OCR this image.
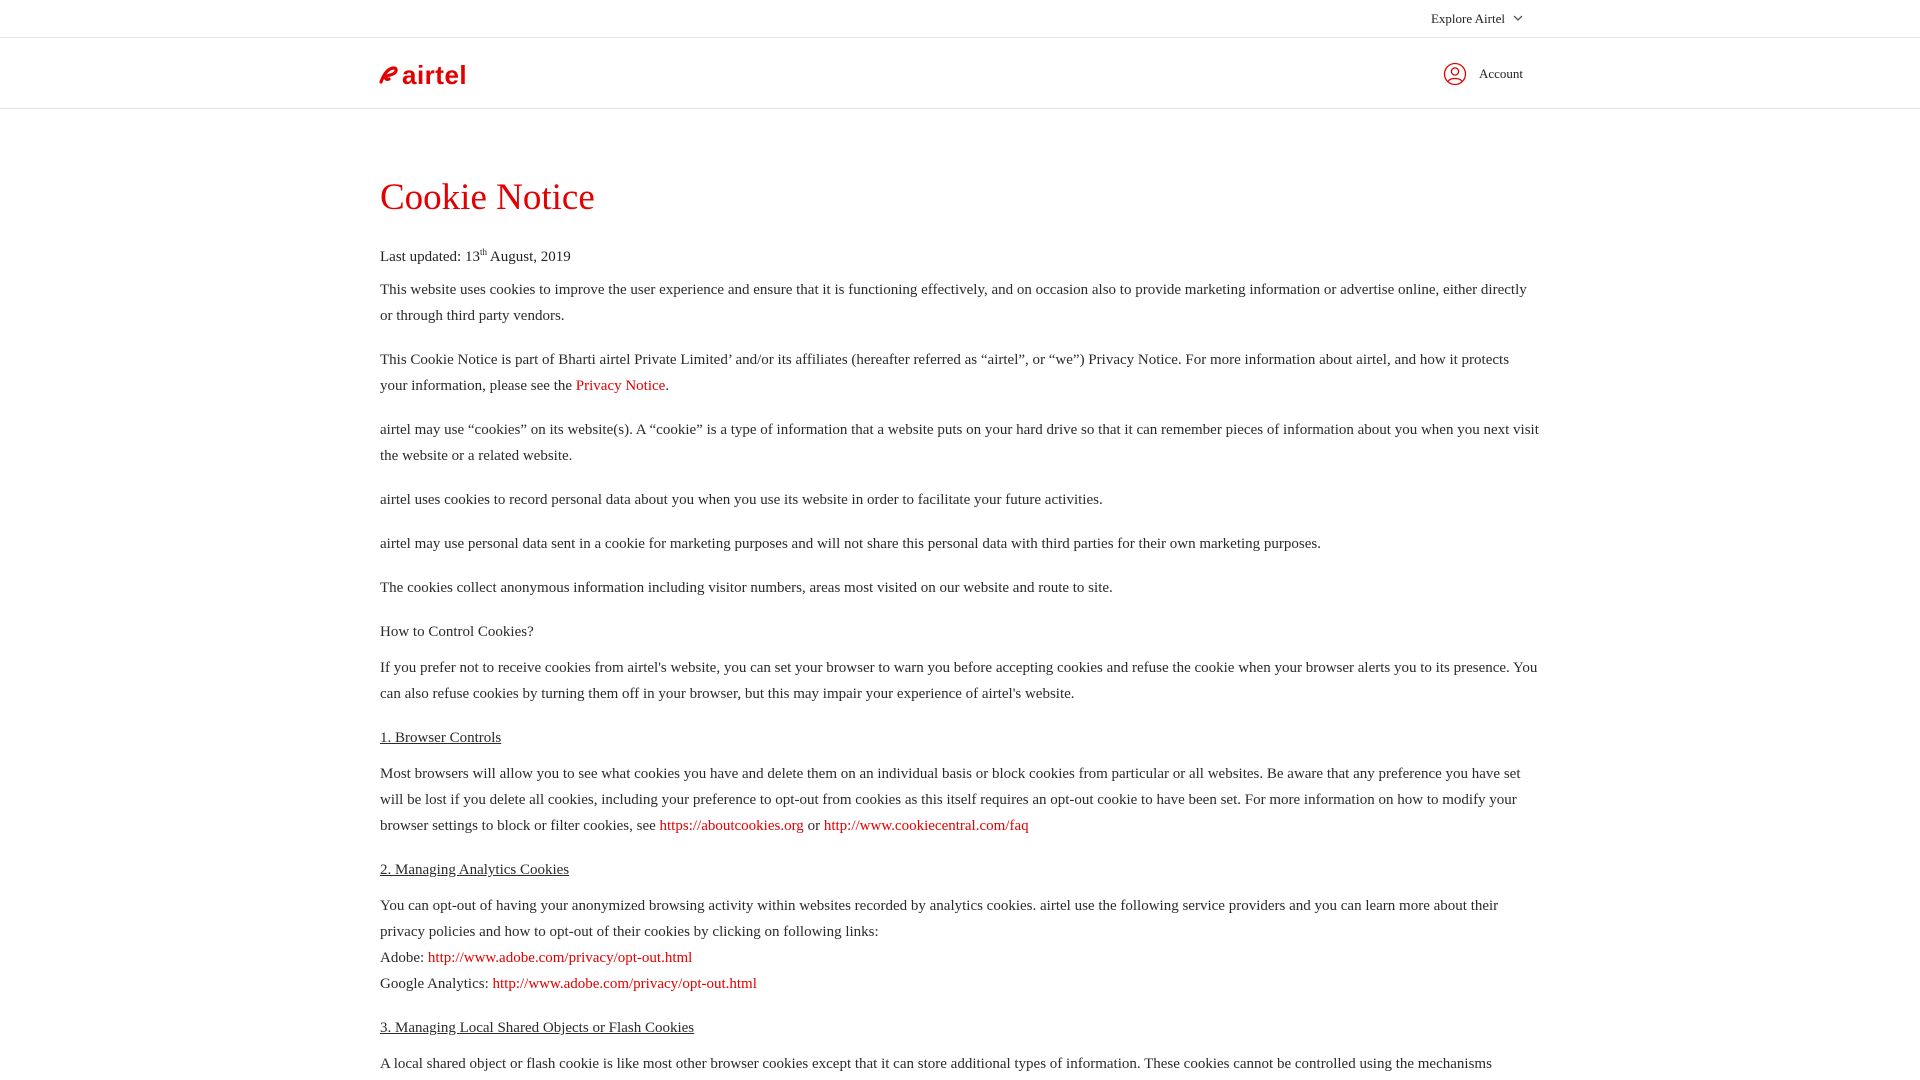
Explore Airtel
airtel	Account
Cookie Notice
Last updated: 13th August, 2019

This website uses cookies to improve the user experience and ensure that it is functioning effectively, and on occasion also to provide marketing information or advertise online, either directly or through third party vendors.

This Cookie Notice is part of Bharti airtel Private Limited’ and/or its affiliates (hereafter referred as “airtel”, or “we”) Privacy Notice. For more information about airtel, and how it protects your information, please see the Privacy Notice.

airtel may use “cookies” on its website(s). A “cookie” is a type of information that a website puts on your hard drive so that it can remember pieces of information about you when you next visit the website or a related website.

airtel uses cookies to record personal data about you when you use its website in order to facilitate your future activities.

airtel may use personal data sent in a cookie for marketing purposes and will not share this personal data with third parties for their own marketing purposes.

The cookies collect anonymous information including visitor numbers, areas most visited on our website and route to site.

How to Control Cookies?

If you prefer not to receive cookies from airtel's website, you can set your browser to warn you before accepting cookies and refuse the cookie when your browser alerts you to its presence. You can also refuse cookies by turning them off in your browser, but this may impair your experience of airtel's website.

1. Browser Controls

Most browsers will allow you to see what cookies you have and delete them on an individual basis or block cookies from particular or all websites. Be aware that any preference you have set will be lost if you delete all cookies, including your preference to opt-out from cookies as this itself requires an opt-out cookie to have been set. For more information on how to modify your browser settings to block or filter cookies, see https://aboutcookies.org or http://www.cookiecentral.com/faq

2. Managing Analytics Cookies

You can opt-out of having your anonymized browsing activity within websites recorded by analytics cookies. airtel use the following service providers and you can learn more about their privacy policies and how to opt-out of their cookies by clicking on following links:

Adobe: http://www.adobe.com/privacy/opt-out.html

Google Analytics: http://www.adobe.com/privacy/opt-out.html

3. Managing Local Shared Objects or Flash Cookies

A local shared object or flash cookie is like most other browser cookies except that it can store additional types of information. These cookies cannot be controlled using the mechanisms
